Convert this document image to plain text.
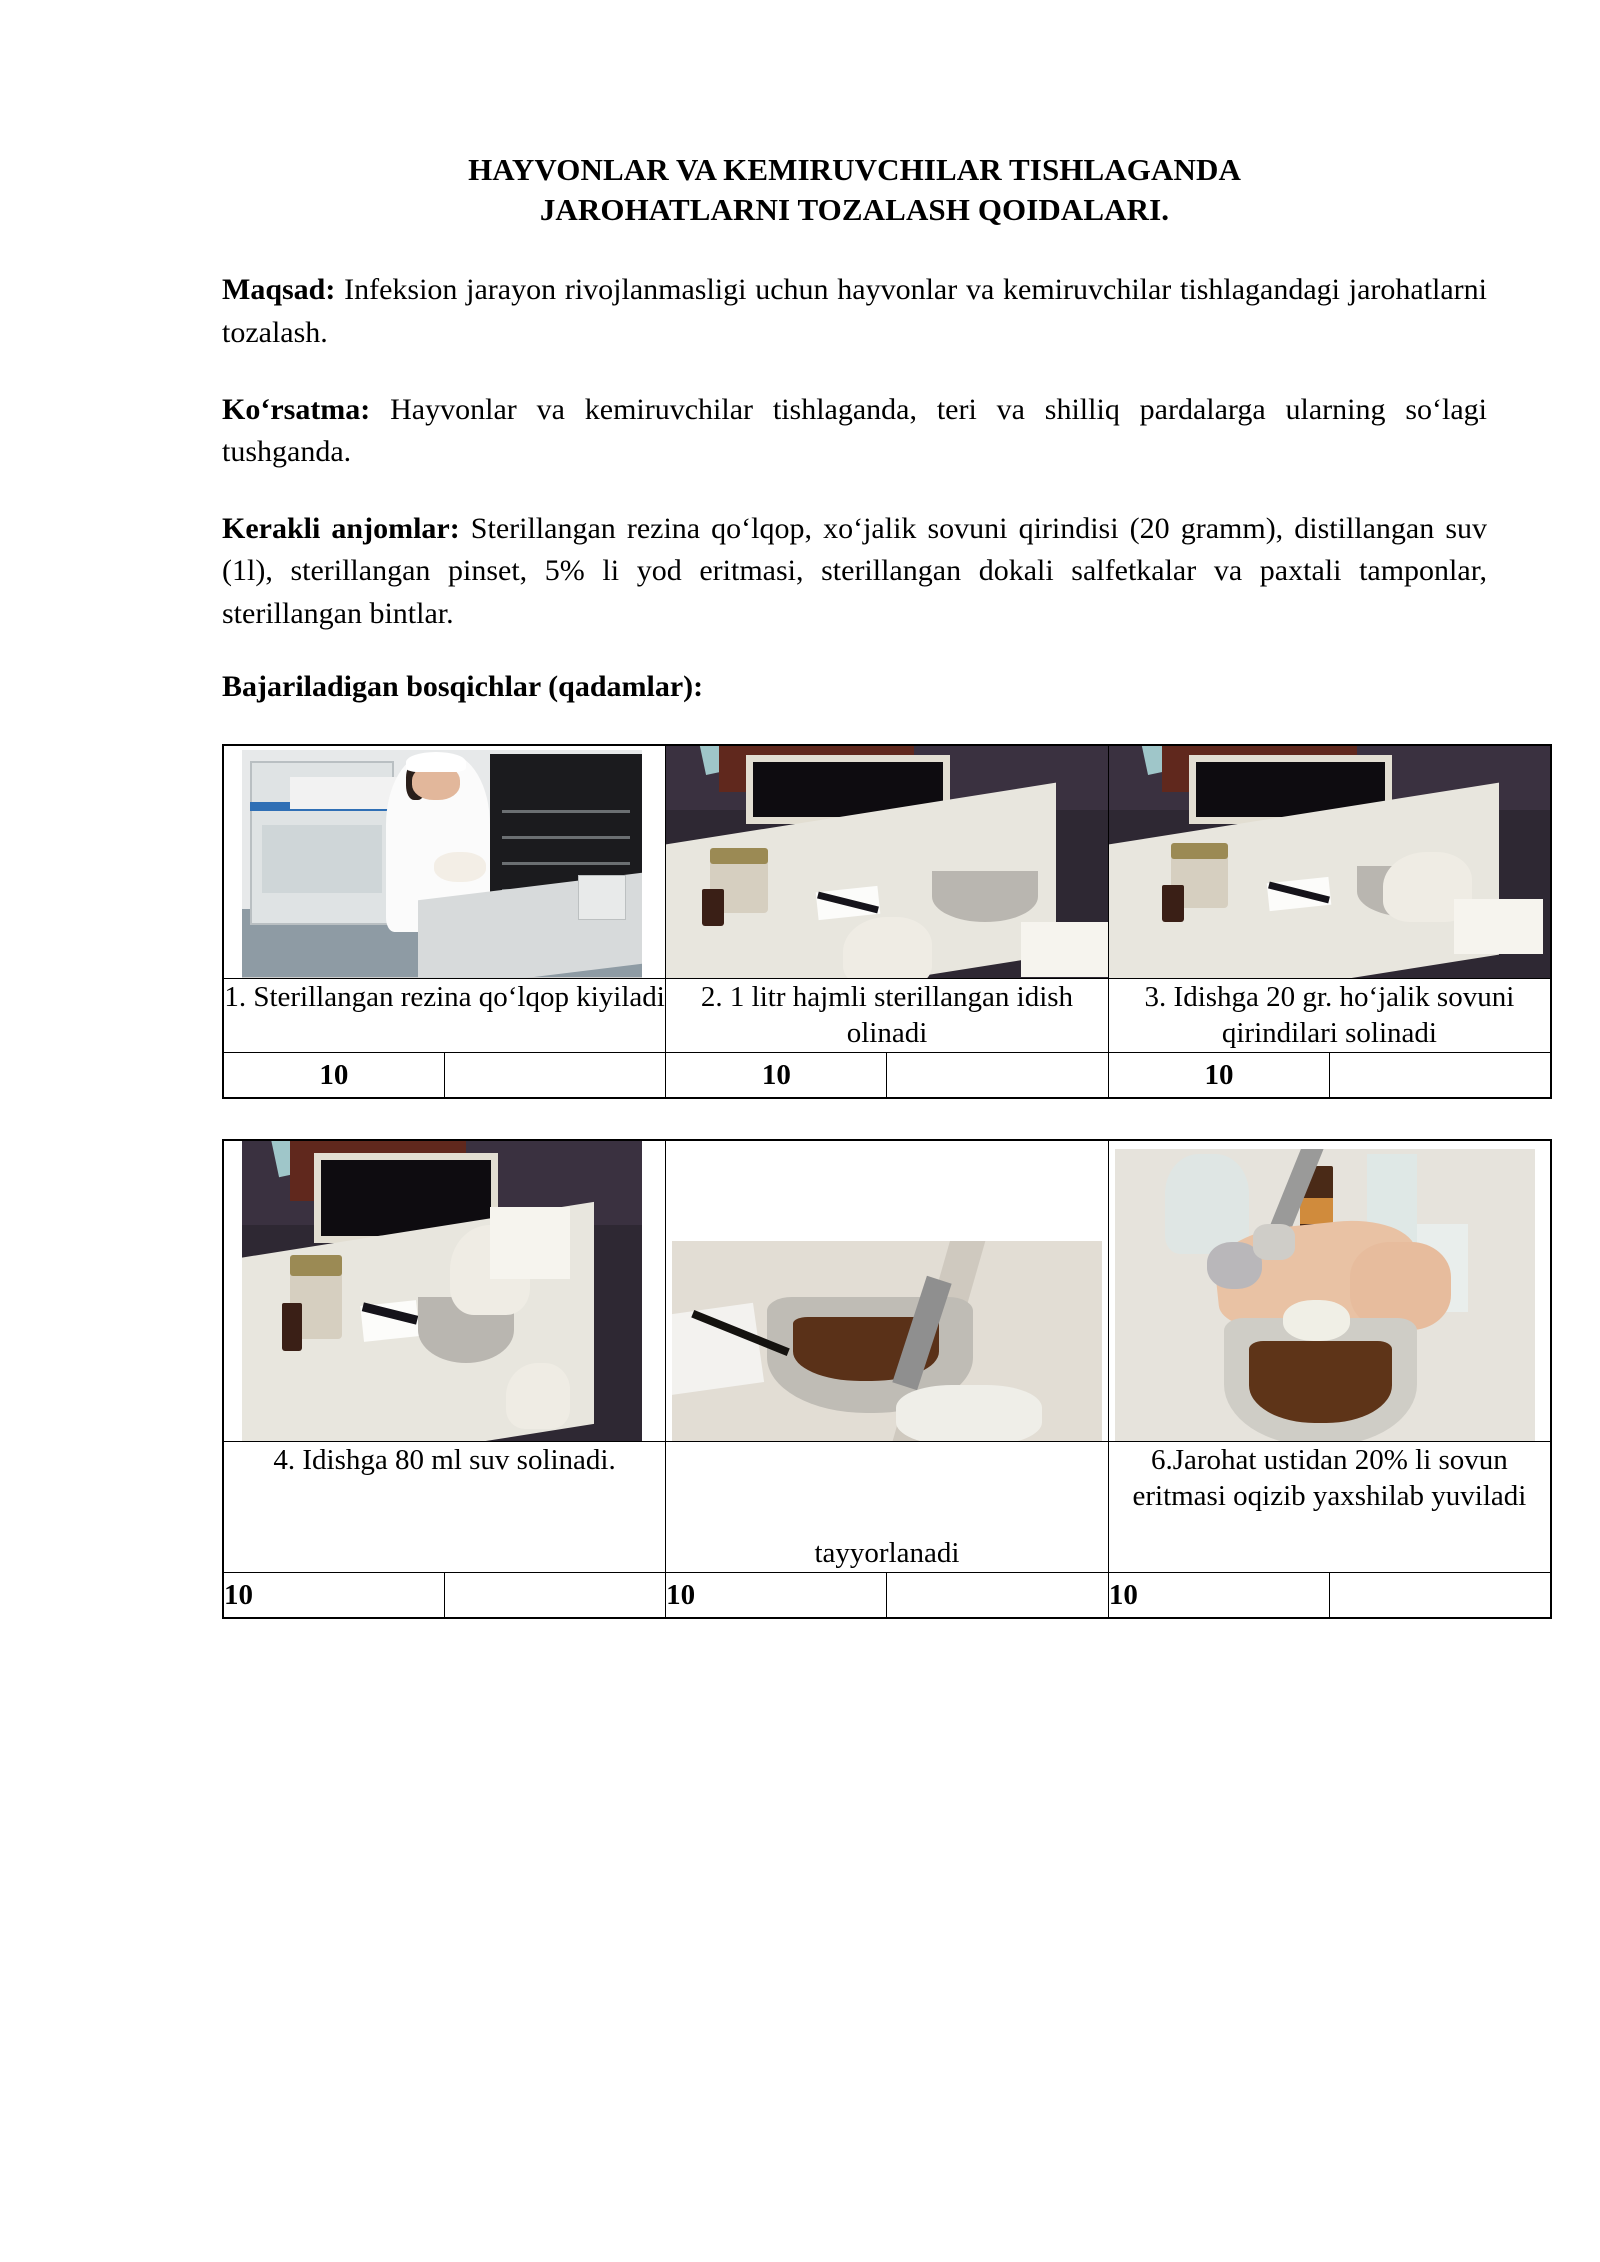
HAYVONLAR VA KEMIRUVCHILAR TISHLAGANDA
JAROHATLARNI TOZALASH QOIDALARI.

Maqsad: Infeksion jarayon rivojlanmasligi uchun hayvonlar va kemiruvchilar tishlagandagi jarohatlarni tozalash.

Ko‘rsatma: Hayvonlar va kemiruvchilar tishlaganda, teri va shilliq pardalarga ularning so‘lagi tushganda.

Kerakli anjomlar: Sterillangan rezina qo‘lqop, xo‘jalik sovuni qirindisi (20 gramm), distillangan suv (1l), sterillangan pinset, 5% li yod eritmasi, sterillangan dokali salfetkalar va paxtali tamponlar, sterillangan bintlar.

Bajariladigan bosqichlar (qadamlar):

1. Sterillangan rezina qo‘lqop kiyiladi		2. 1 litr hajmli sterillangan idish olinadi		3. Idishga 20 gr. ho‘jalik sovuni qirindilari solinadi	
10		10		10	

4. Idishga 80 ml suv solinadi.		tayyorlanadi		6.Jarohat ustidan 20% li sovun eritmasi oqizib yaxshilab yuviladi	

10		10		10	
